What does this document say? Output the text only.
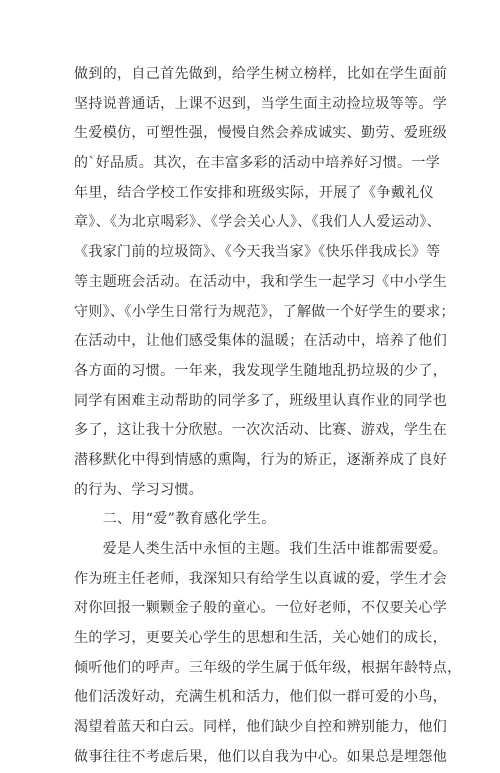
做到的，自己首先做到，给学生树立榜样，比如在学生面前
坚持说普通话，上课不迟到，当学生面主动捡垃圾等等。学
生爱模仿，可塑性强，慢慢自然会养成诚实、勤劳、爱班级
的`好品质。其次，在丰富多彩的活动中培养好习惯。一学
年里，结合学校工作安排和班级实际，开展了《争戴礼仪
章》、《为北京喝彩》、《学会关心人》、《我们人人爱运动》、
《我家门前的垃圾筒》、《今天我当家》《快乐伴我成长》等
等主题班会活动。在活动中，我和学生一起学习《中小学生
守则》、《小学生日常行为规范》，了解做一个好学生的要求；
在活动中，让他们感受集体的温暖；在活动中，培养了他们
各方面的习惯。一年来，我发现学生随地乱扔垃圾的少了，
同学有困难主动帮助的同学多了，班级里认真作业的同学也
多了，这让我十分欣慰。一次次活动、比赛、游戏，学生在
潜移默化中得到情感的熏陶，行为的矫正，逐渐养成了良好
的行为、学习习惯。
　　二、用“爱”教育感化学生。
　　爱是人类生活中永恒的主题。我们生活中谁都需要爱。
作为班主任老师，我深知只有给学生以真诚的爱，学生才会
对你回报一颗颗金子般的童心。一位好老师，不仅要关心学
生的学习，更要关心学生的思想和生活，关心她们的成长，
倾听他们的呼声。三年级的学生属于低年级，根据年龄特点，
他们活泼好动，充满生机和活力，他们似一群可爱的小鸟，
渴望着蓝天和白云。同样，他们缺少自控和辨别能力，他们
做事往往不考虑后果，他们以自我为中心。如果总是埋怨他
